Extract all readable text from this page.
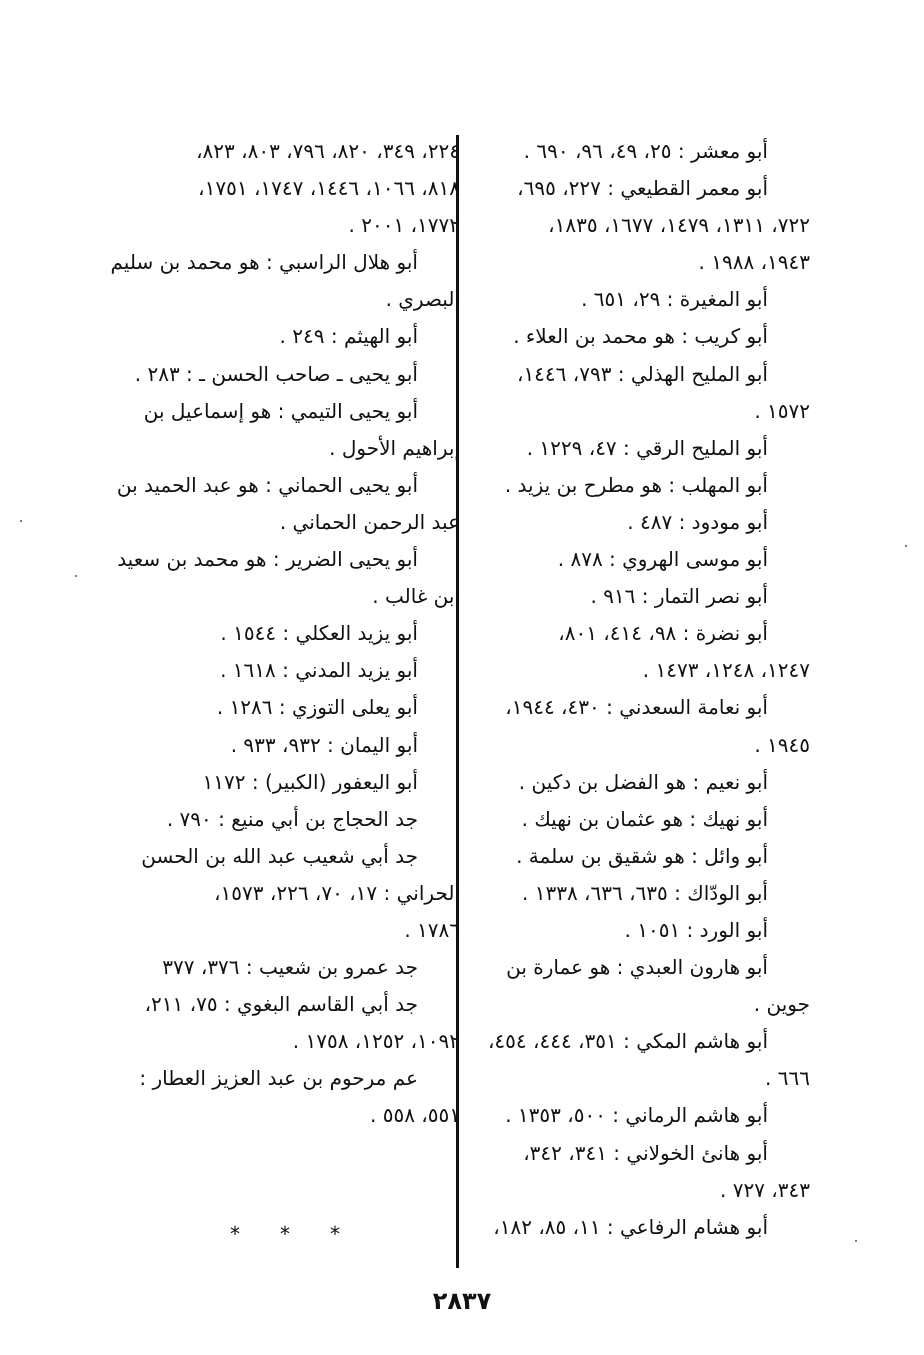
أبو معشر : ٢٥، ٤٩، ٩٦، ٦٩٠ .
أبو معمر القطيعي : ٢٢٧، ٦٩٥،
٧٢٢، ١٣١١، ١٤٧٩، ١٦٧٧، ١٨٣٥،
١٩٤٣، ١٩٨٨ .
أبو المغيرة : ٢٩، ٦٥١ .
أبو كريب : هو محمد بن العلاء .
أبو المليح الهذلي : ٧٩٣، ١٤٤٦،
١٥٧٢ .
أبو المليح الرقي : ٤٧، ١٢٢٩ .
أبو المهلب : هو مطرح بن يزيد .
أبو مودود : ٤٨٧ .
أبو موسى الهروي : ٨٧٨ .
أبو نصر التمار : ٩١٦ .
أبو نضرة : ٩٨، ٤١٤، ٨٠١،
١٢٤٧، ١٢٤٨، ١٤٧٣ .
أبو نعامة السعدني : ٤٣٠، ١٩٤٤،
١٩٤٥ .
أبو نعيم : هو الفضل بن دكين .
أبو نهيك : هو عثمان بن نهيك .
أبو وائل : هو شقيق بن سلمة .
أبو الودّاك : ٦٣٥، ٦٣٦، ١٣٣٨ .
أبو الورد : ١٠٥١ .
أبو هارون العبدي : هو عمارة بن
جوين .
أبو هاشم المكي : ٣٥١، ٤٤٤، ٤٥٤،
٦٦٦ .
أبو هاشم الرماني : ٥٠٠، ١٣٥٣ .
أبو هانئ الخولاني : ٣٤١، ٣٤٢،
٣٤٣، ٧٢٧ .
أبو هشام الرفاعي : ١١، ٨٥، ١٨٢،
٢٢٤، ٣٤٩، ٨٢٠، ٧٩٦، ٨٠٣، ٨٢٣،
٨١٨، ١٠٦٦، ١٤٤٦، ١٧٤٧، ١٧٥١،
١٧٧٢، ٢٠٠١ .
أبو هلال الراسبي : هو محمد بن سليم
البصري .
أبو الهيثم : ٢٤٩ .
أبو يحيى ـ صاحب الحسن ـ : ٢٨٣ .
أبو يحيى التيمي : هو إسماعيل بن
إبراهيم الأحول .
أبو يحيى الحماني : هو عبد الحميد بن
عبد الرحمن الحماني .
أبو يحيى الضرير : هو محمد بن سعيد
ابن غالب .
أبو يزيد العكلي : ١٥٤٤ .
أبو يزيد المدني : ١٦١٨ .
أبو يعلى التوزي : ١٢٨٦ .
أبو اليمان : ٩٣٢، ٩٣٣ .
أبو اليعفور (الكبير) : ١١٧٢
جد الحجاج بن أبي منيع : ٧٩٠ .
جد أبي شعيب عبد الله بن الحسن
الحراني : ١٧، ٧٠، ٢٢٦، ١٥٧٣،
١٧٨٦ .
جد عمرو بن شعيب : ٣٧٦، ٣٧٧
جد أبي القاسم البغوي : ٧٥، ٢١١،
١٠٩٢، ١٢٥٢، ١٧٥٨ .
عم مرحوم بن عبد العزيز العطار :
٥٥١، ٥٥٨ .
* * *
٢٨٣٧
